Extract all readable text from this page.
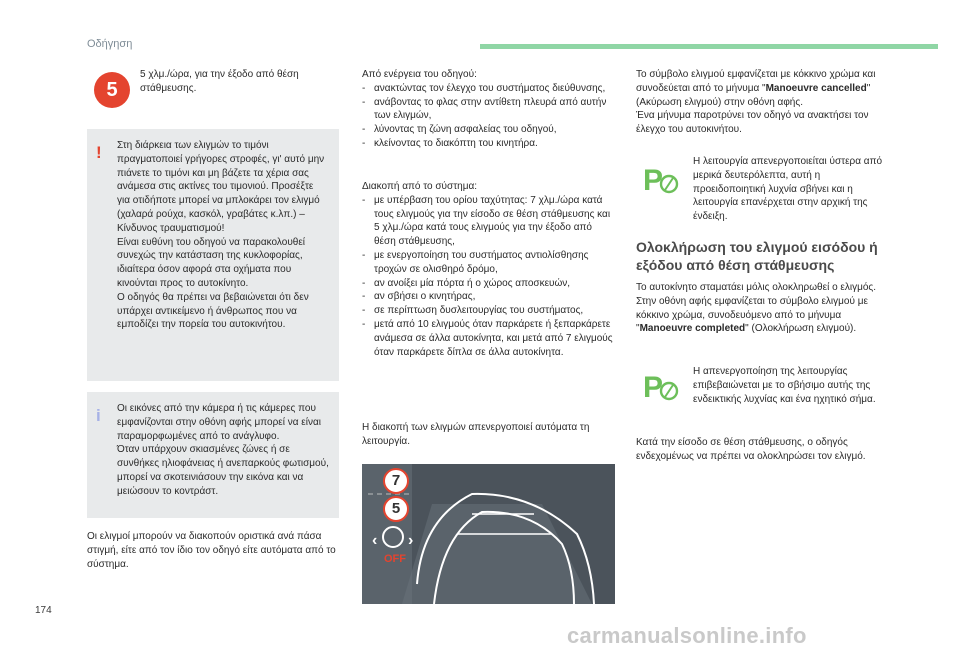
Οδήγηση
5
5 χλμ./ώρα, για την έξοδο από θέση στάθμευσης.
! Στη διάρκεια των ελιγμών το τιμόνι πραγματοποιεί γρήγορες στροφές, γι' αυτό μην πιάνετε το τιμόνι και μη βάζετε τα χέρια σας ανάμεσα στις ακτίνες του τιμονιού. Προσέξτε για οτιδήποτε μπορεί να μπλοκάρει τον ελιγμό (χαλαρά ρούχα, κασκόλ, γραβάτες κ.λπ.) – Κίνδυνος τραυματισμού!
Είναι ευθύνη του οδηγού να παρακολουθεί συνεχώς την κατάσταση της κυκλοφορίας, ιδιαίτερα όσον αφορά στα οχήματα που κινούνται προς το αυτοκίνητο.
Ο οδηγός θα πρέπει να βεβαιώνεται ότι δεν υπάρχει αντικείμενο ή άνθρωπος που να εμποδίζει την πορεία του αυτοκινήτου.
i Οι εικόνες από την κάμερα ή τις κάμερες που εμφανίζονται στην οθόνη αφής μπορεί να είναι παραμορφωμένες από το ανάγλυφο.
Όταν υπάρχουν σκιασμένες ζώνες ή σε συνθήκες ηλιοφάνειας ή ανεπαρκούς φωτισμού, μπορεί να σκοτεινιάσουν την εικόνα και να μειώσουν το κοντράστ.
Οι ελιγμοί μπορούν να διακοπούν οριστικά ανά πάσα στιγμή, είτε από τον ίδιο τον οδηγό είτε αυτόματα από το σύστημα.
Από ενέργεια του οδηγού:
- ανακτώντας τον έλεγχο του συστήματος διεύθυνσης,
- ανάβοντας το φλας στην αντίθετη πλευρά από αυτήν των ελιγμών,
- λύνοντας τη ζώνη ασφαλείας του οδηγού,
- κλείνοντας το διακόπτη του κινητήρα.
Διακοπή από το σύστημα:
- με υπέρβαση του ορίου ταχύτητας: 7 χλμ./ώρα κατά τους ελιγμούς για την είσοδο σε θέση στάθμευσης και 5 χλμ./ώρα κατά τους ελιγμούς για την έξοδο από θέση στάθμευσης,
- με ενεργοποίηση του συστήματος αντιολίσθησης τροχών σε ολισθηρό δρόμο,
- αν ανοίξει μία πόρτα ή ο χώρος αποσκευών,
- αν σβήσει ο κινητήρας,
- σε περίπτωση δυσλειτουργίας του συστήματος,
- μετά από 10 ελιγμούς όταν παρκάρετε ή ξεπαρκάρετε ανάμεσα σε άλλα αυτοκίνητα, και μετά από 7 ελιγμούς όταν παρκάρετε δίπλα σε άλλα αυτοκίνητα.
Η διακοπή των ελιγμών απενεργοποιεί αυτόματα τη λειτουργία.
7
5
‹ ›
OFF
Το σύμβολο ελιγμού εμφανίζεται με κόκκινο χρώμα και συνοδεύεται από το μήνυμα "Manoeuvre cancelled" (Ακύρωση ελιγμού) στην οθόνη αφής.
Ένα μήνυμα παροτρύνει τον οδηγό να ανακτήσει τον έλεγχο του αυτοκινήτου.
P
Η λειτουργία απενεργοποιείται ύστερα από μερικά δευτερόλεπτα, αυτή η προειδοποιητική λυχνία σβήνει και η λειτουργία επανέρχεται στην αρχική της ένδειξη.
Ολοκλήρωση του ελιγμού εισόδου ή εξόδου από θέση στάθμευσης
Το αυτοκίνητο σταματάει μόλις ολοκληρωθεί ο ελιγμός. Στην οθόνη αφής εμφανίζεται το σύμβολο ελιγμού με κόκκινο χρώμα, συνοδευόμενο από το μήνυμα "Manoeuvre completed" (Ολοκλήρωση ελιγμού).
P	Η απενεργοποίηση της λειτουργίας επιβεβαιώνεται με το σβήσιμο αυτής της ενδεικτικής λυχνίας και ένα ηχητικό σήμα.
Κατά την είσοδο σε θέση στάθμευσης, ο οδηγός ενδεχομένως να πρέπει να ολοκληρώσει τον ελιγμό.
174
carmanualsonline.info
